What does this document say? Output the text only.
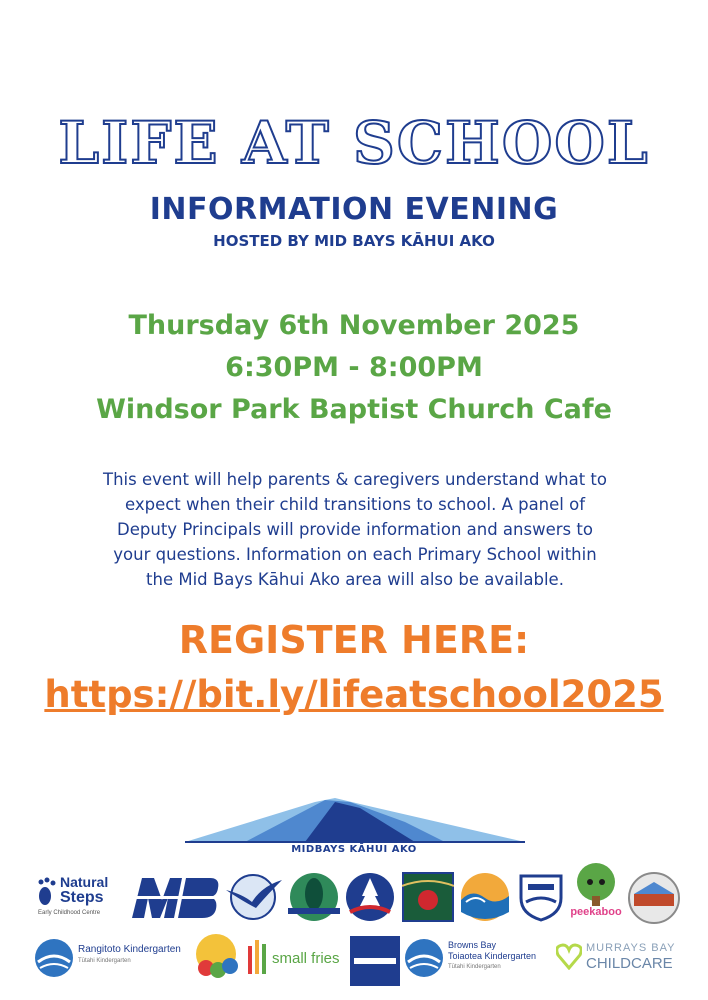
LIFE AT SCHOOL
INFORMATION EVENING
HOSTED BY MID BAYS KĀHUI AKO
Thursday 6th November 2025
6:30PM - 8:00PM
Windsor Park Baptist Church Cafe
This event will help parents & caregivers understand what to
expect when their child transitions to school. A panel of
Deputy Principals will provide information and answers to
your questions. Information on each Primary School within
the Mid Bays Kāhui Ako area will also be available.
REGISTER HERE:
https://bit.ly/lifeatschool2025
MIDBAYS KĀHUI AKO
Natural
Steps
Early Childhood Centre	peekaboo
Rangitoto Kindergarten
Tūtahi Kindergarten	small fries
Browns Bay
Toiaotea Kindergarten
Tūtahi Kindergarten
MURRAYS BAY
CHILDCARE
